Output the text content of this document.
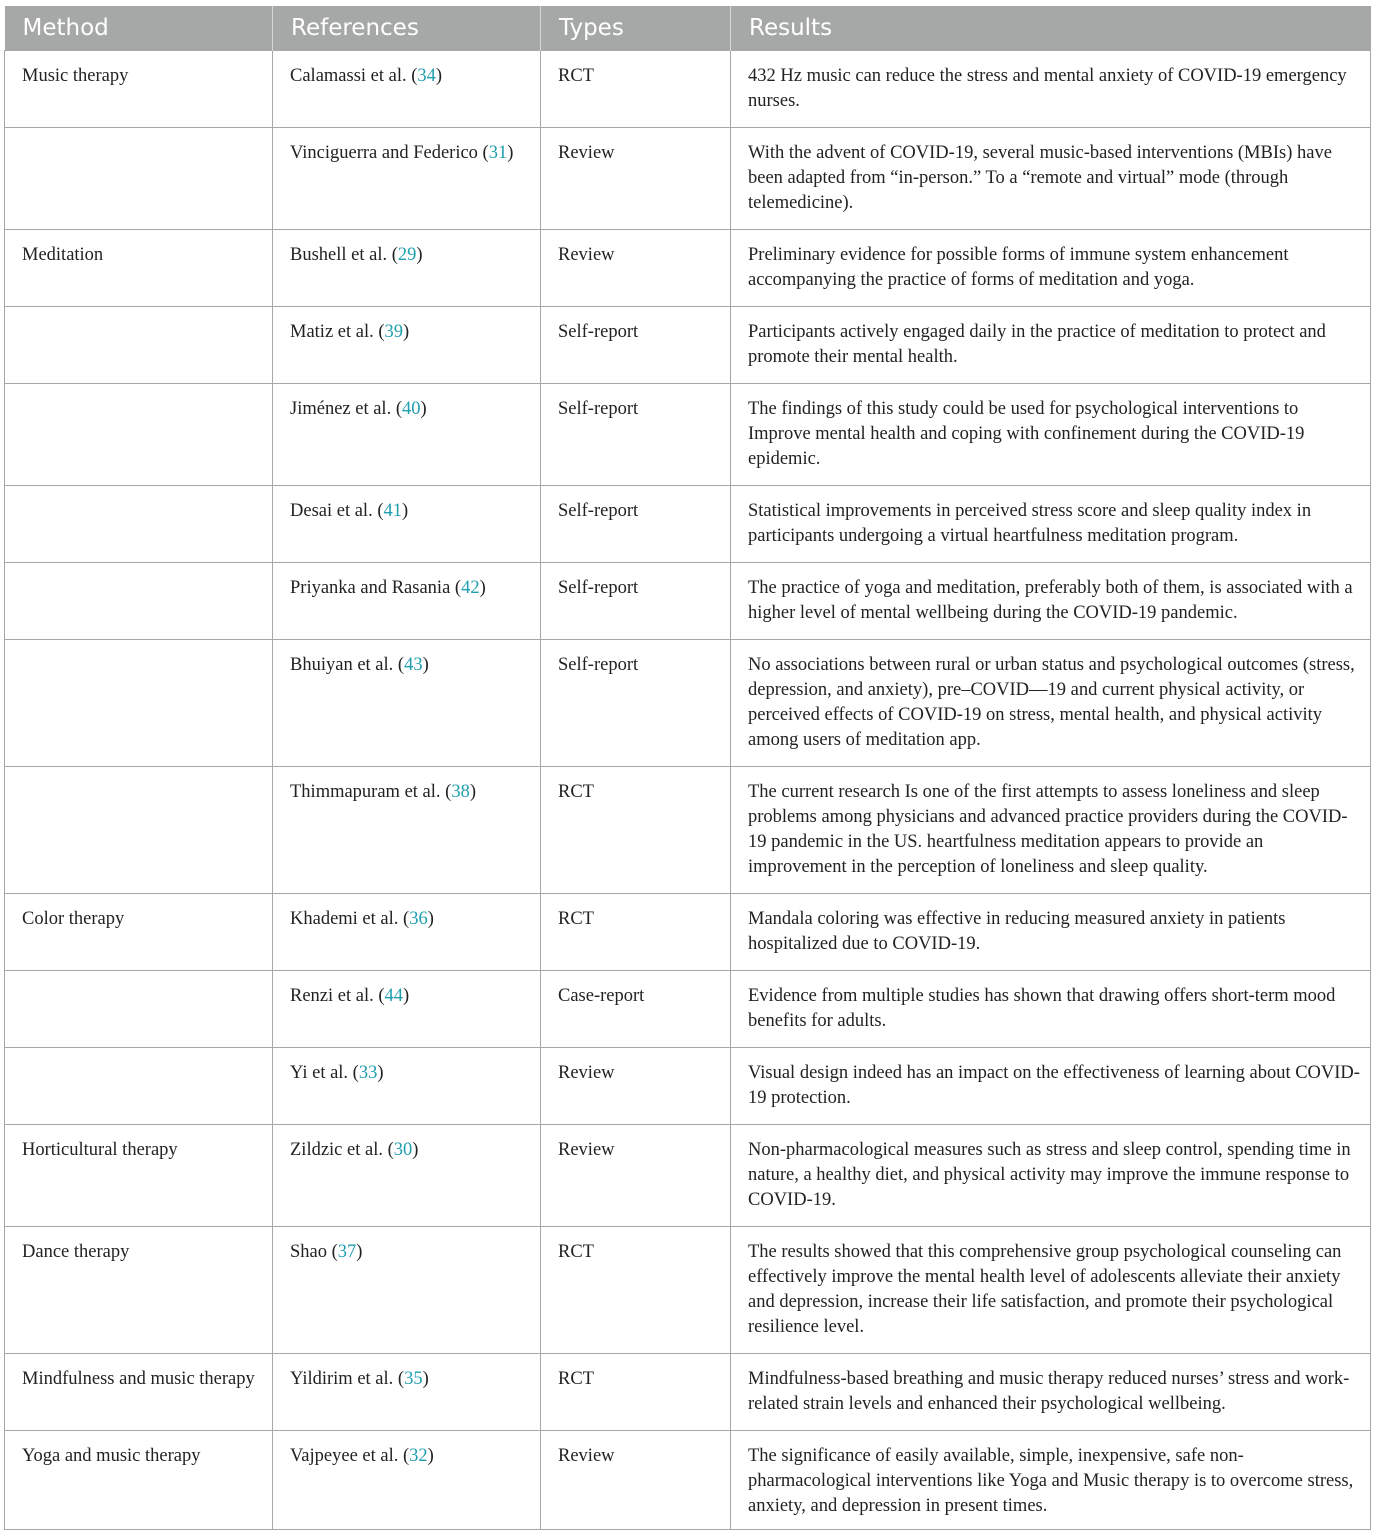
Method	References	Types	Results
Music therapy	Calamassi et al. (34)	RCT	432 Hz music can reduce the stress and mental anxiety of COVID-19 emergency nurses.
	Vinciguerra and Federico (31)	Review	With the advent of COVID-19, several music-based interventions (MBIs) have been adapted from “in-person.” To a “remote and virtual” mode (through telemedicine).
Meditation	Bushell et al. (29)	Review	Preliminary evidence for possible forms of immune system enhancement accompanying the practice of forms of meditation and yoga.
	Matiz et al. (39)	Self-report	Participants actively engaged daily in the practice of meditation to protect and promote their mental health.
	Jiménez et al. (40)	Self-report	The findings of this study could be used for psychological interventions to Improve mental health and coping with confinement during the COVID-19 epidemic.
	Desai et al. (41)	Self-report	Statistical improvements in perceived stress score and sleep quality index in participants undergoing a virtual heartfulness meditation program.
	Priyanka and Rasania (42)	Self-report	The practice of yoga and meditation, preferably both of them, is associated with a higher level of mental wellbeing during the COVID-19 pandemic.
	Bhuiyan et al. (43)	Self-report	No associations between rural or urban status and psychological outcomes (stress, depression, and anxiety), pre–COVID—19 and current physical activity, or perceived effects of COVID-19 on stress, mental health, and physical activity among users of meditation app.
	Thimmapuram et al. (38)	RCT	The current research Is one of the first attempts to assess loneliness and sleep problems among physicians and advanced practice providers during the COVID-19 pandemic in the US. heartfulness meditation appears to provide an improvement in the perception of loneliness and sleep quality.
Color therapy	Khademi et al. (36)	RCT	Mandala coloring was effective in reducing measured anxiety in patients hospitalized due to COVID-19.
	Renzi et al. (44)	Case-report	Evidence from multiple studies has shown that drawing offers short-term mood benefits for adults.
	Yi et al. (33)	Review	Visual design indeed has an impact on the effectiveness of learning about COVID-19 protection.
Horticultural therapy	Zildzic et al. (30)	Review	Non-pharmacological measures such as stress and sleep control, spending time in nature, a healthy diet, and physical activity may improve the immune response to COVID-19.
Dance therapy	Shao (37)	RCT	The results showed that this comprehensive group psychological counseling can effectively improve the mental health level of adolescents alleviate their anxiety and depression, increase their life satisfaction, and promote their psychological resilience level.
Mindfulness and music therapy	Yildirim et al. (35)	RCT	Mindfulness-based breathing and music therapy reduced nurses’ stress and work-related strain levels and enhanced their psychological wellbeing.
Yoga and music therapy	Vajpeyee et al. (32)	Review	The significance of easily available, simple, inexpensive, safe non-pharmacological interventions like Yoga and Music therapy is to overcome stress, anxiety, and depression in present times.
